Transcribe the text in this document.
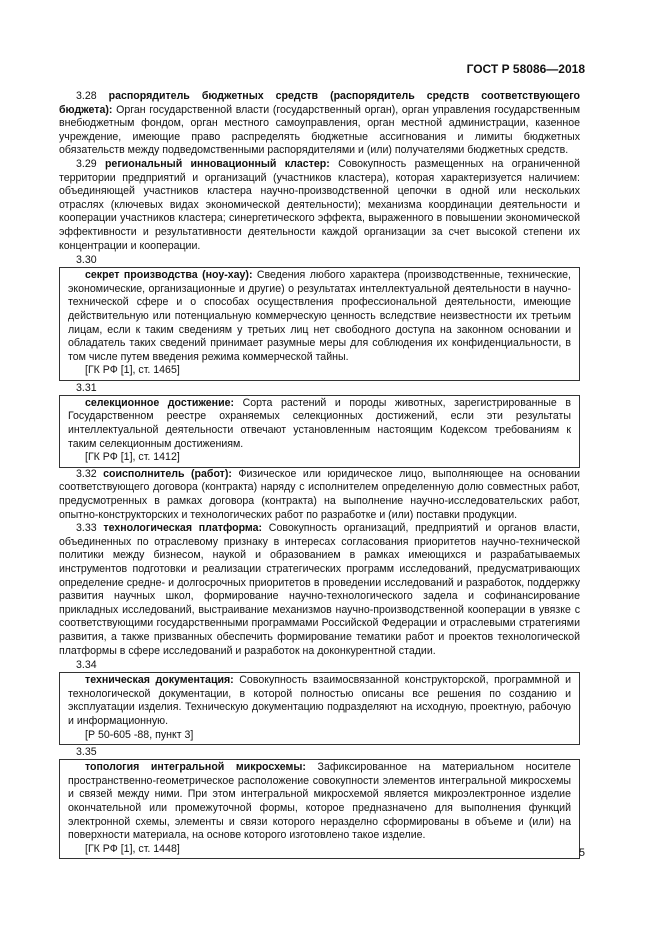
ГОСТ Р 58086—2018

3.28 распорядитель бюджетных средств (распорядитель средств соответствующего бюджета): Орган государственной власти (государственный орган), орган управления государственным внебюджетным фондом, орган местного самоуправления, орган местной администрации, казенное учреждение, имеющие право распределять бюджетные ассигнования и лимиты бюджетных обязательств между подведомственными распорядителями и (или) получателями бюджетных средств.

3.29 региональный инновационный кластер: Совокупность размещенных на ограниченной территории предприятий и организаций (участников кластера), которая характеризуется наличием: объединяющей участников кластера научно-производственной цепочки в одной или нескольких отраслях (ключевых видах экономической деятельности); механизма координации деятельности и кооперации участников кластера; синергетического эффекта, выраженного в повышении экономической эффективности и результативности деятельности каждой организации за счет высокой степени их концентрации и кооперации.

3.30

секрет производства (ноу-хау): Сведения любого характера (производственные, технические, экономические, организационные и другие) о результатах интеллектуальной деятельности в научно-технической сфере и о способах осуществления профессиональной деятельности, имеющие действительную или потенциальную коммерческую ценность вследствие неизвестности их третьим лицам, если к таким сведениям у третьих лиц нет свободного доступа на законном основании и обладатель таких сведений принимает разумные меры для соблюдения их конфиденциальности, в том числе путем введения режима коммерческой тайны.

[ГК РФ [1], ст. 1465]

3.31

селекционное достижение: Сорта растений и породы животных, зарегистрированные в Государственном реестре охраняемых селекционных достижений, если эти результаты интеллектуальной деятельности отвечают установленным настоящим Кодексом требованиям к таким селекционным достижениям.

[ГК РФ [1], ст. 1412]

3.32 соисполнитель (работ): Физическое или юридическое лицо, выполняющее на основании соответствующего договора (контракта) наряду с исполнителем определенную долю совместных работ, предусмотренных в рамках договора (контракта) на выполнение научно-исследовательских работ, опытно-конструкторских и технологических работ по разработке и (или) поставки продукции.

3.33 технологическая платформа: Совокупность организаций, предприятий и органов власти, объединенных по отраслевому признаку в интересах согласования приоритетов научно-технической политики между бизнесом, наукой и образованием в рамках имеющихся и разрабатываемых инструментов подготовки и реализации стратегических программ исследований, предусматривающих определение средне- и долгосрочных приоритетов в проведении исследований и разработок, поддержку развития научных школ, формирование научно-технологического задела и софинансирование прикладных исследований, выстраивание механизмов научно-производственной кооперации в увязке с соответствующими государственными программами Российской Федерации и отраслевыми стратегиями развития, а также призванных обеспечить формирование тематики работ и проектов технологической платформы в сфере исследований и разработок на доконкурентной стадии.

3.34

техническая документация: Совокупность взаимосвязанной конструкторской, программной и технологической документации, в которой полностью описаны все решения по созданию и эксплуатации изделия. Техническую документацию подразделяют на исходную, проектную, рабочую и информационную.

[Р 50-605 -88, пункт 3]

3.35

топология интегральной микросхемы: Зафиксированное на материальном носителе пространственно-геометрическое расположение совокупности элементов интегральной микросхемы и связей между ними. При этом интегральной микросхемой является микроэлектронное изделие окончательной или промежуточной формы, которое предназначено для выполнения функций электронной схемы, элементы и связи которого неразделно сформированы в объеме и (или) на поверхности материала, на основе которого изготовлено такое изделие.

[ГК РФ [1], ст. 1448]	5
